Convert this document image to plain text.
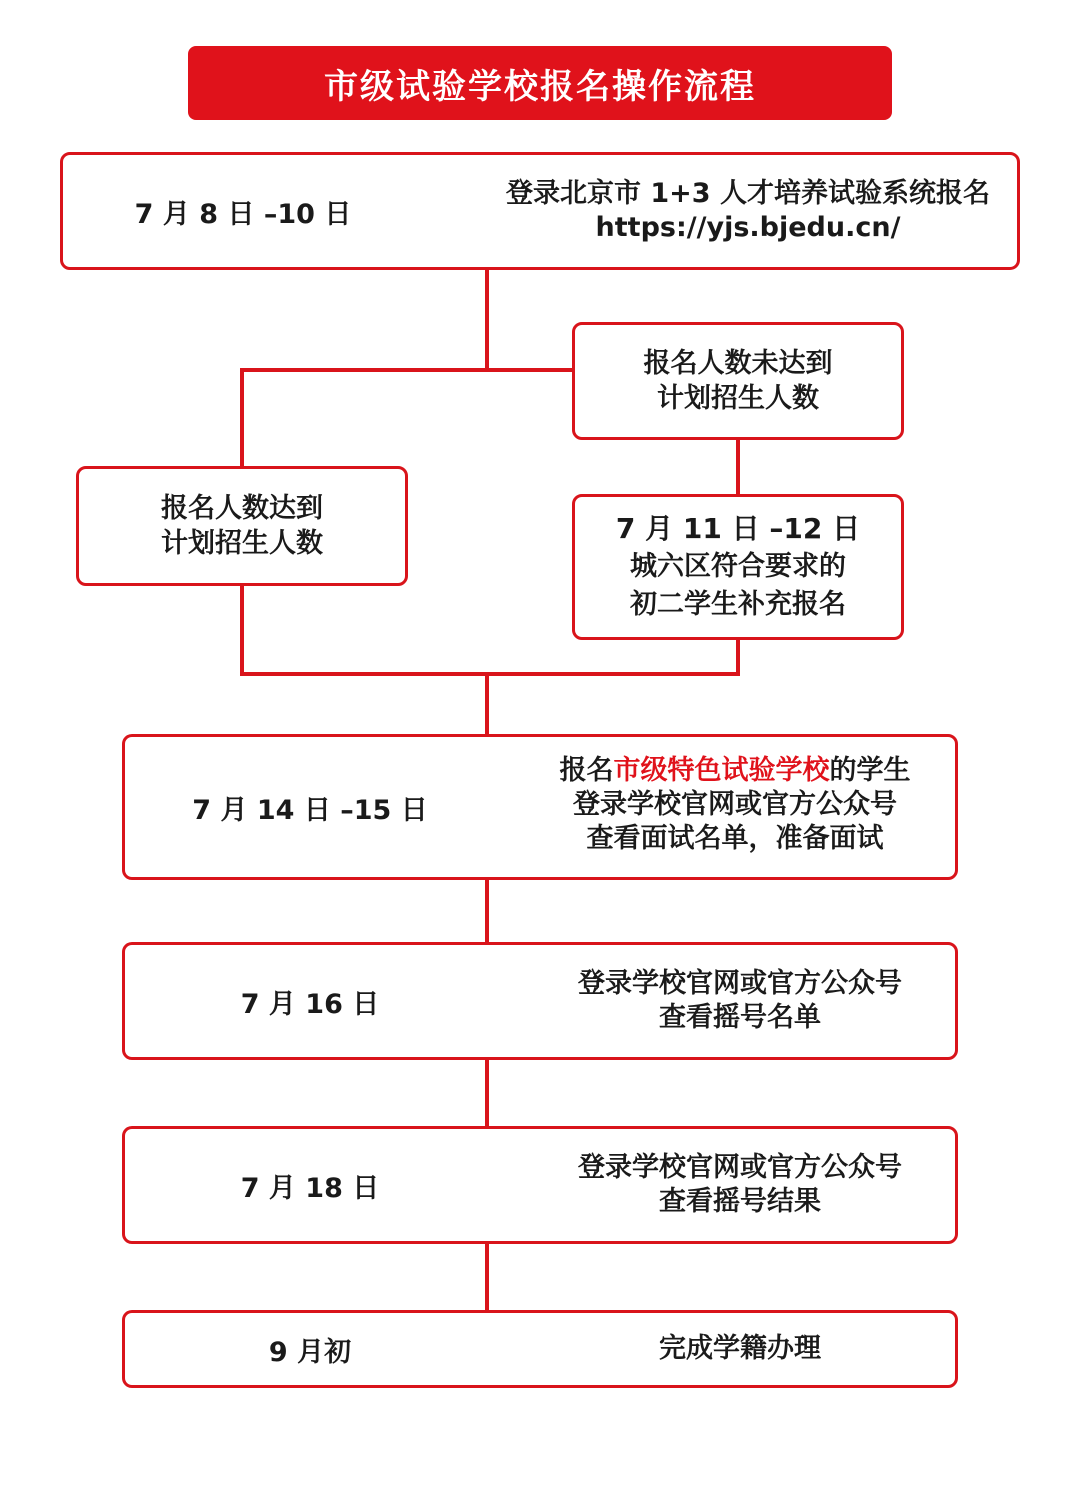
市级试验学校报名操作流程
7 月 8 日 –10 日
登录北京市 1+3 人才培养试验系统报名
https://yjs.bjedu.cn/
报名人数未达到
计划招生人数
报名人数达到
计划招生人数	7 月 11 日 –12 日
城六区符合要求的
初二学生补充报名
7 月 14 日 –15 日
报名市级特色试验学校的学生
登录学校官网或官方公众号
查看面试名单，准备面试
7 月 16 日
登录学校官网或官方公众号
查看摇号名单
7 月 18 日
登录学校官网或官方公众号
查看摇号结果
9 月初	完成学籍办理
